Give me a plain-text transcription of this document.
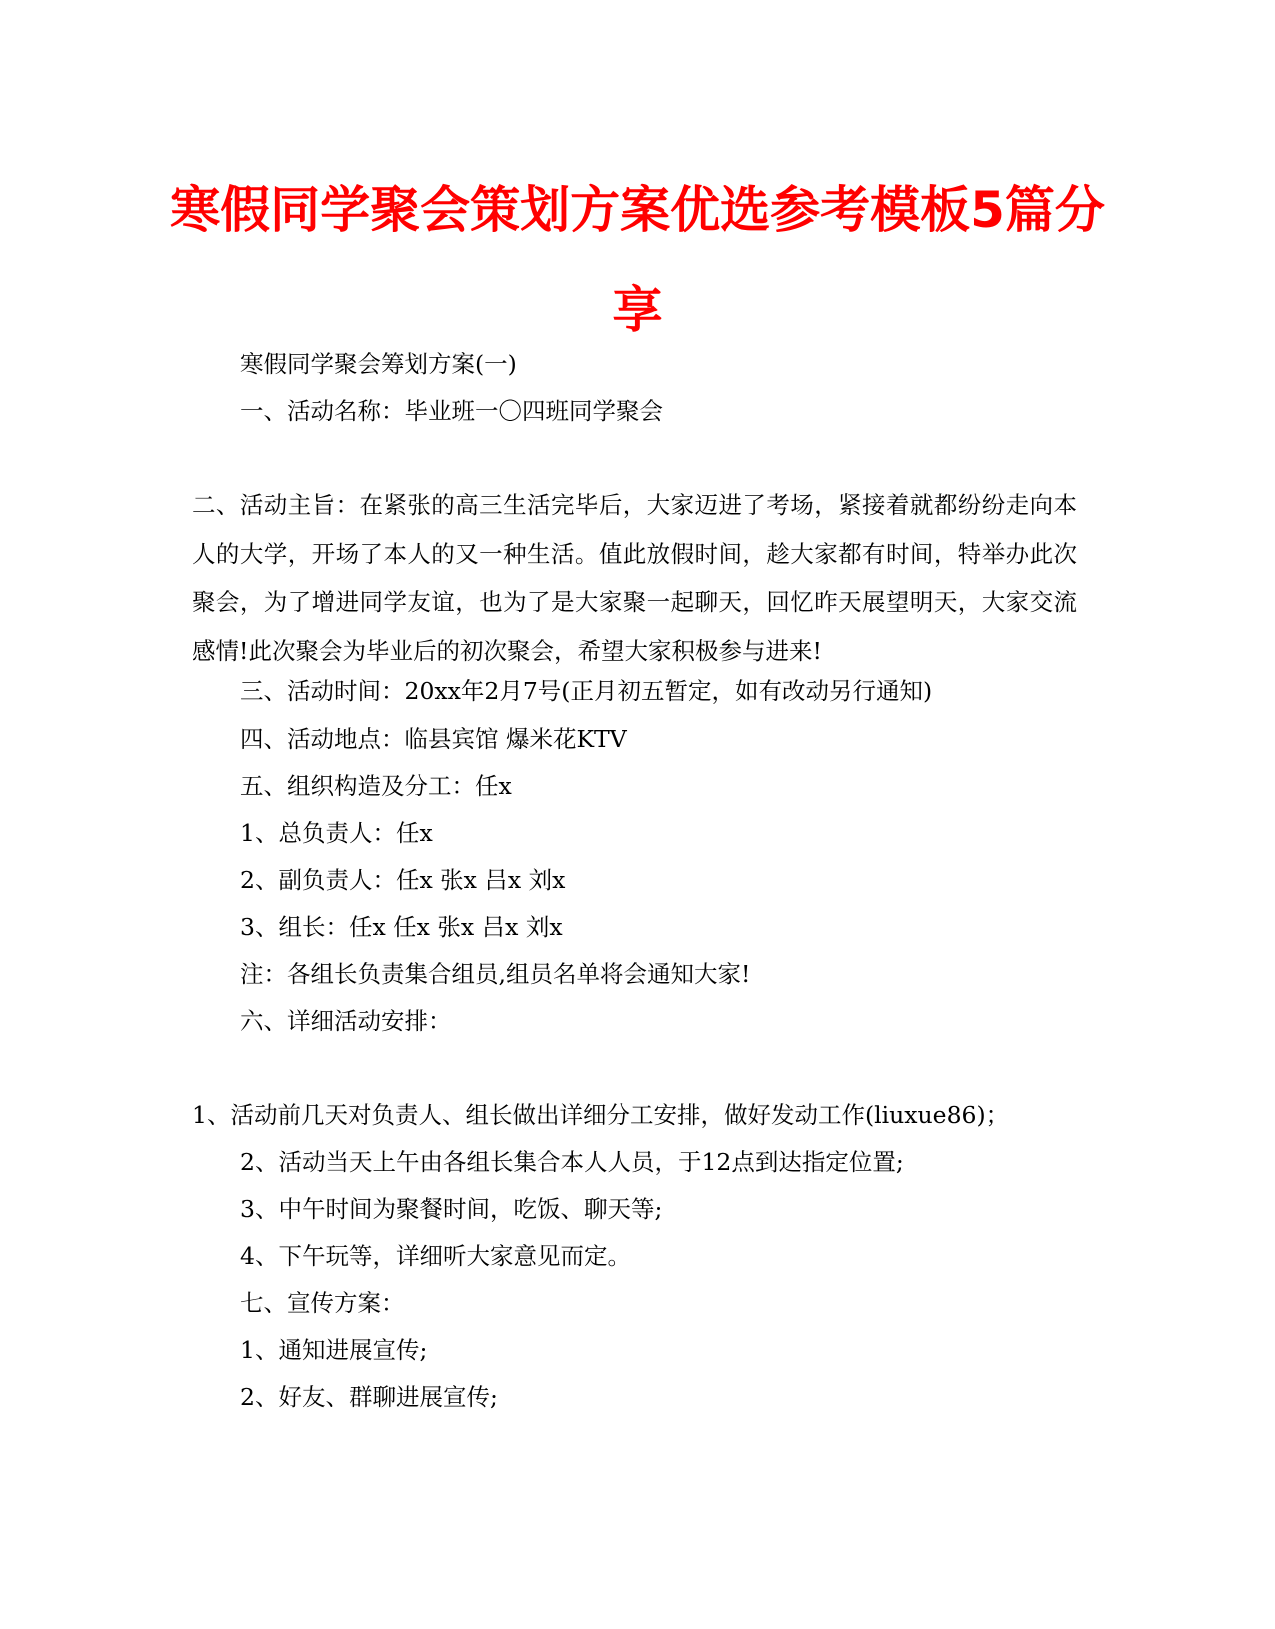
寒假同学聚会策划方案优选参考模板5篇分
享

寒假同学聚会筹划方案(一)

一、活动名称：毕业班一〇四班同学聚会

二、活动主旨：在紧张的高三生活完毕后，大家迈进了考场，紧接着就都纷纷走向本人的大学，开场了本人的又一种生活。值此放假时间，趁大家都有时间，特举办此次聚会，为了增进同学友谊，也为了是大家聚一起聊天，回忆昨天展望明天，大家交流感情!此次聚会为毕业后的初次聚会，希望大家积极参与进来!

三、活动时间：20xx年2月7号(正月初五暂定，如有改动另行通知)

四、活动地点：临县宾馆 爆米花KTV

五、组织构造及分工：任x

1、总负责人：任x

2、副负责人：任x 张x 吕x 刘x

3、组长：任x 任x 张x 吕x 刘x

注：各组长负责集合组员,组员名单将会通知大家!

六、详细活动安排：

1、活动前几天对负责人、组长做出详细分工安排，做好发动工作(liuxue86)；

2、活动当天上午由各组长集合本人人员，于12点到达指定位置;

3、中午时间为聚餐时间，吃饭、聊天等;

4、下午玩等，详细听大家意见而定。

七、宣传方案：

1、通知进展宣传;

2、好友、群聊进展宣传;
